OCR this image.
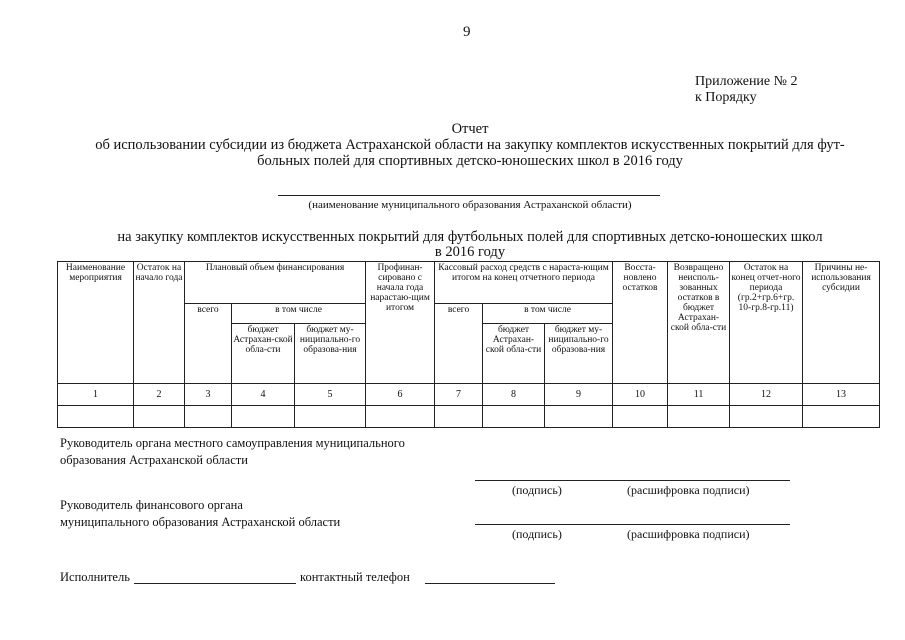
9
Приложение № 2
к Порядку
Отчет
об использовании субсидии из бюджета Астраханской области на закупку комплектов искусственных покрытий для фут-
больных полей для спортивных детско-юношеских школ в 2016 году
(наименование муниципального образования Астраханской области)
на закупку комплектов искусственных покрытий для футбольных полей для спортивных детско-юношеских школ
в 2016 году
Наименование мероприятия	Остаток на начало года	Плановый объем финансирования			Профинан-сировано с начала года нарастаю-щим итогом	Кассовый расход средств с нараста-ющим итогом на конец отчетного периода			Восста-новлено остатков	Возвращено неисполь-зованных остатков в бюджет Астрахан-ской обла-сти	Остаток на конец отчет-ного периода (гр.2+гр.6+гр. 10-гр.8-гр.11)	Причины не-использования субсидии
		всего	в том числе			всего	в том числе					
			бюджет Астрахан-ской обла-сти	бюджет му-ниципально-го образова-ния			бюджет Астрахан-ской обла-сти	бюджет му-ниципально-го образова-ния				
1	2	3	4	5	6	7	8	9	10	11	12	13

Руководитель органа местного самоуправления муниципального
образования Астраханской области
(подпись)	(расшифровка подписи)
Руководитель финансового органа
муниципального образования Астраханской области
(подпись)	(расшифровка подписи)
Исполнитель	контактный телефон
